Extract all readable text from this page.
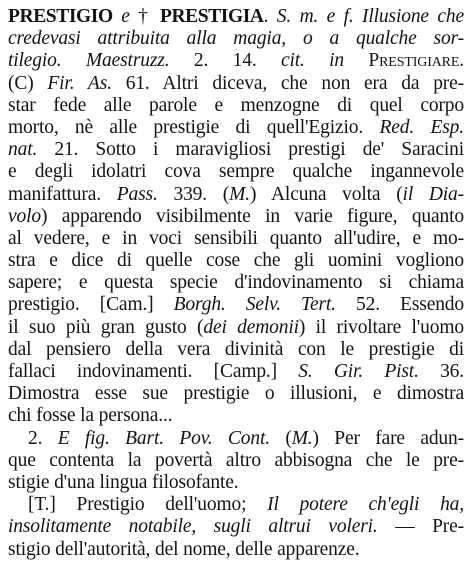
PRESTIGIO e † PRESTIGIA. S. m. e f. Illusione che
credevasi attribuita alla magia, o a qualche sor-
tilegio. Maestruzz. 2. 14. cit. in Prestigiare.
(C) Fir. As. 61. Altri diceva, che non era da pre-
star fede alle parole e menzogne di quel corpo
morto, nè alle prestigie di quell'Egizio. Red. Esp.
nat. 21. Sotto i maravigliosi prestigi de' Saracini
e degli idolatri cova sempre qualche ingannevole
manifattura. Pass. 339. (M.) Alcuna volta (il Dia-
volo) apparendo visibilmente in varie figure, quanto
al vedere, e in voci sensibili quanto all'udire, e mo-
stra e dice di quelle cose che gli uomini vogliono
sapere; e questa specie d'indovinamento si chiama
prestigio. [Cam.] Borgh. Selv. Tert. 52. Essendo
il suo più gran gusto (dei demonii) il rivoltare l'uomo
dal pensiero della vera divinità con le prestigie di
fallaci indovinamenti. [Camp.] S. Gir. Pist. 36.
Dimostra esse sue prestigie o illusioni, e dimostra
chi fosse la persona...
2. E fig. Bart. Pov. Cont. (M.) Per fare adun-
que contenta la povertà altro abbisogna che le pre-
stigie d'una lingua filosofante.
[T.] Prestigio dell'uomo; Il potere ch'egli ha,
insolitamente notabile, sugli altrui voleri. — Pre-
stigio dell'autorità, del nome, delle apparenze.
